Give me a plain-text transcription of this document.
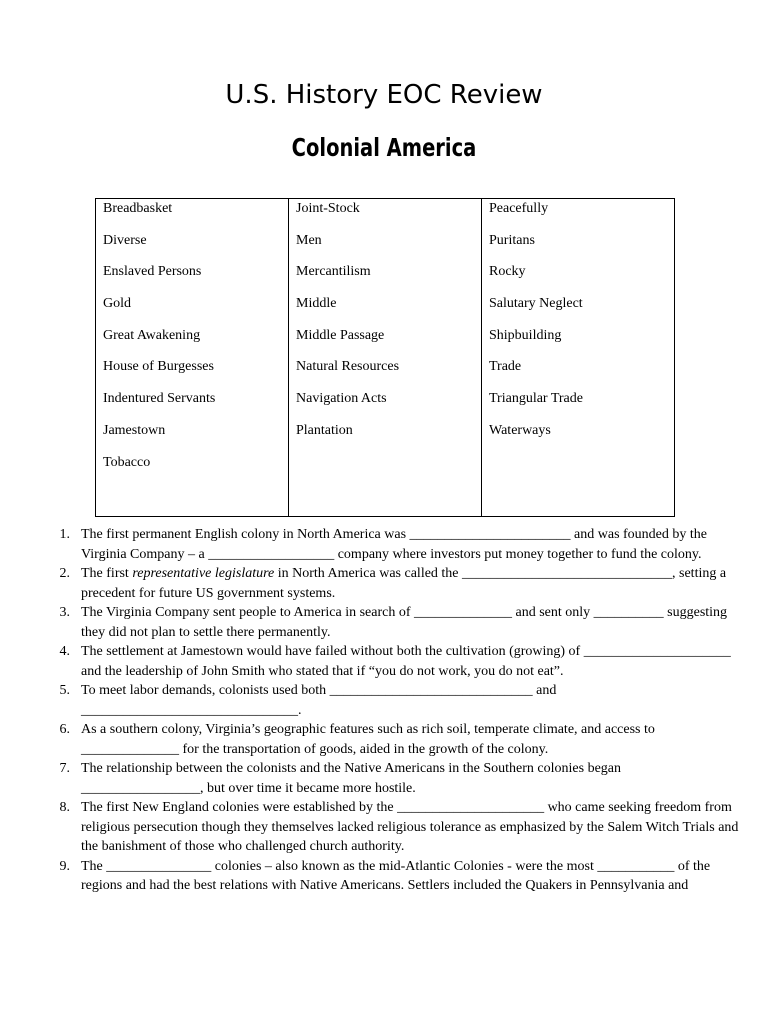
U.S. History EOC Review
Colonial America
Breadbasket
Diverse
Enslaved Persons
Gold
Great Awakening
House of Burgesses
Indentured Servants
Jamestown
Tobacco
Joint-Stock
Men
Mercantilism
Middle
Middle Passage
Natural Resources
Navigation Acts
Plantation
Peacefully
Puritans
Rocky
Salutary Neglect
Shipbuilding
Trade
Triangular Trade
Waterways
1. The first permanent English colony in North America was _______________________ and was founded by the Virginia Company – a __________________ company where investors put money together to fund the colony.
2. The first representative legislature in North America was called the ______________________________, setting a precedent for future US government systems.
3. The Virginia Company sent people to America in search of ______________ and sent only __________ suggesting they did not plan to settle there permanently.
4. The settlement at Jamestown would have failed without both the cultivation (growing) of _____________________ and the leadership of John Smith who stated that if “you do not work, you do not eat”.
5. To meet labor demands, colonists used both _____________________________ and _______________________________.
6. As a southern colony, Virginia’s geographic features such as rich soil, temperate climate, and access to ______________ for the transportation of goods, aided in the growth of the colony.
7. The relationship between the colonists and the Native Americans in the Southern colonies began _________________, but over time it became more hostile.
8. The first New England colonies were established by the _____________________ who came seeking freedom from religious persecution though they themselves lacked religious tolerance as emphasized by the Salem Witch Trials and the banishment of those who challenged church authority.
9. The _______________ colonies – also known as the mid-Atlantic Colonies - were the most ___________ of the regions and had the best relations with Native Americans. Settlers included the Quakers in Pennsylvania and
